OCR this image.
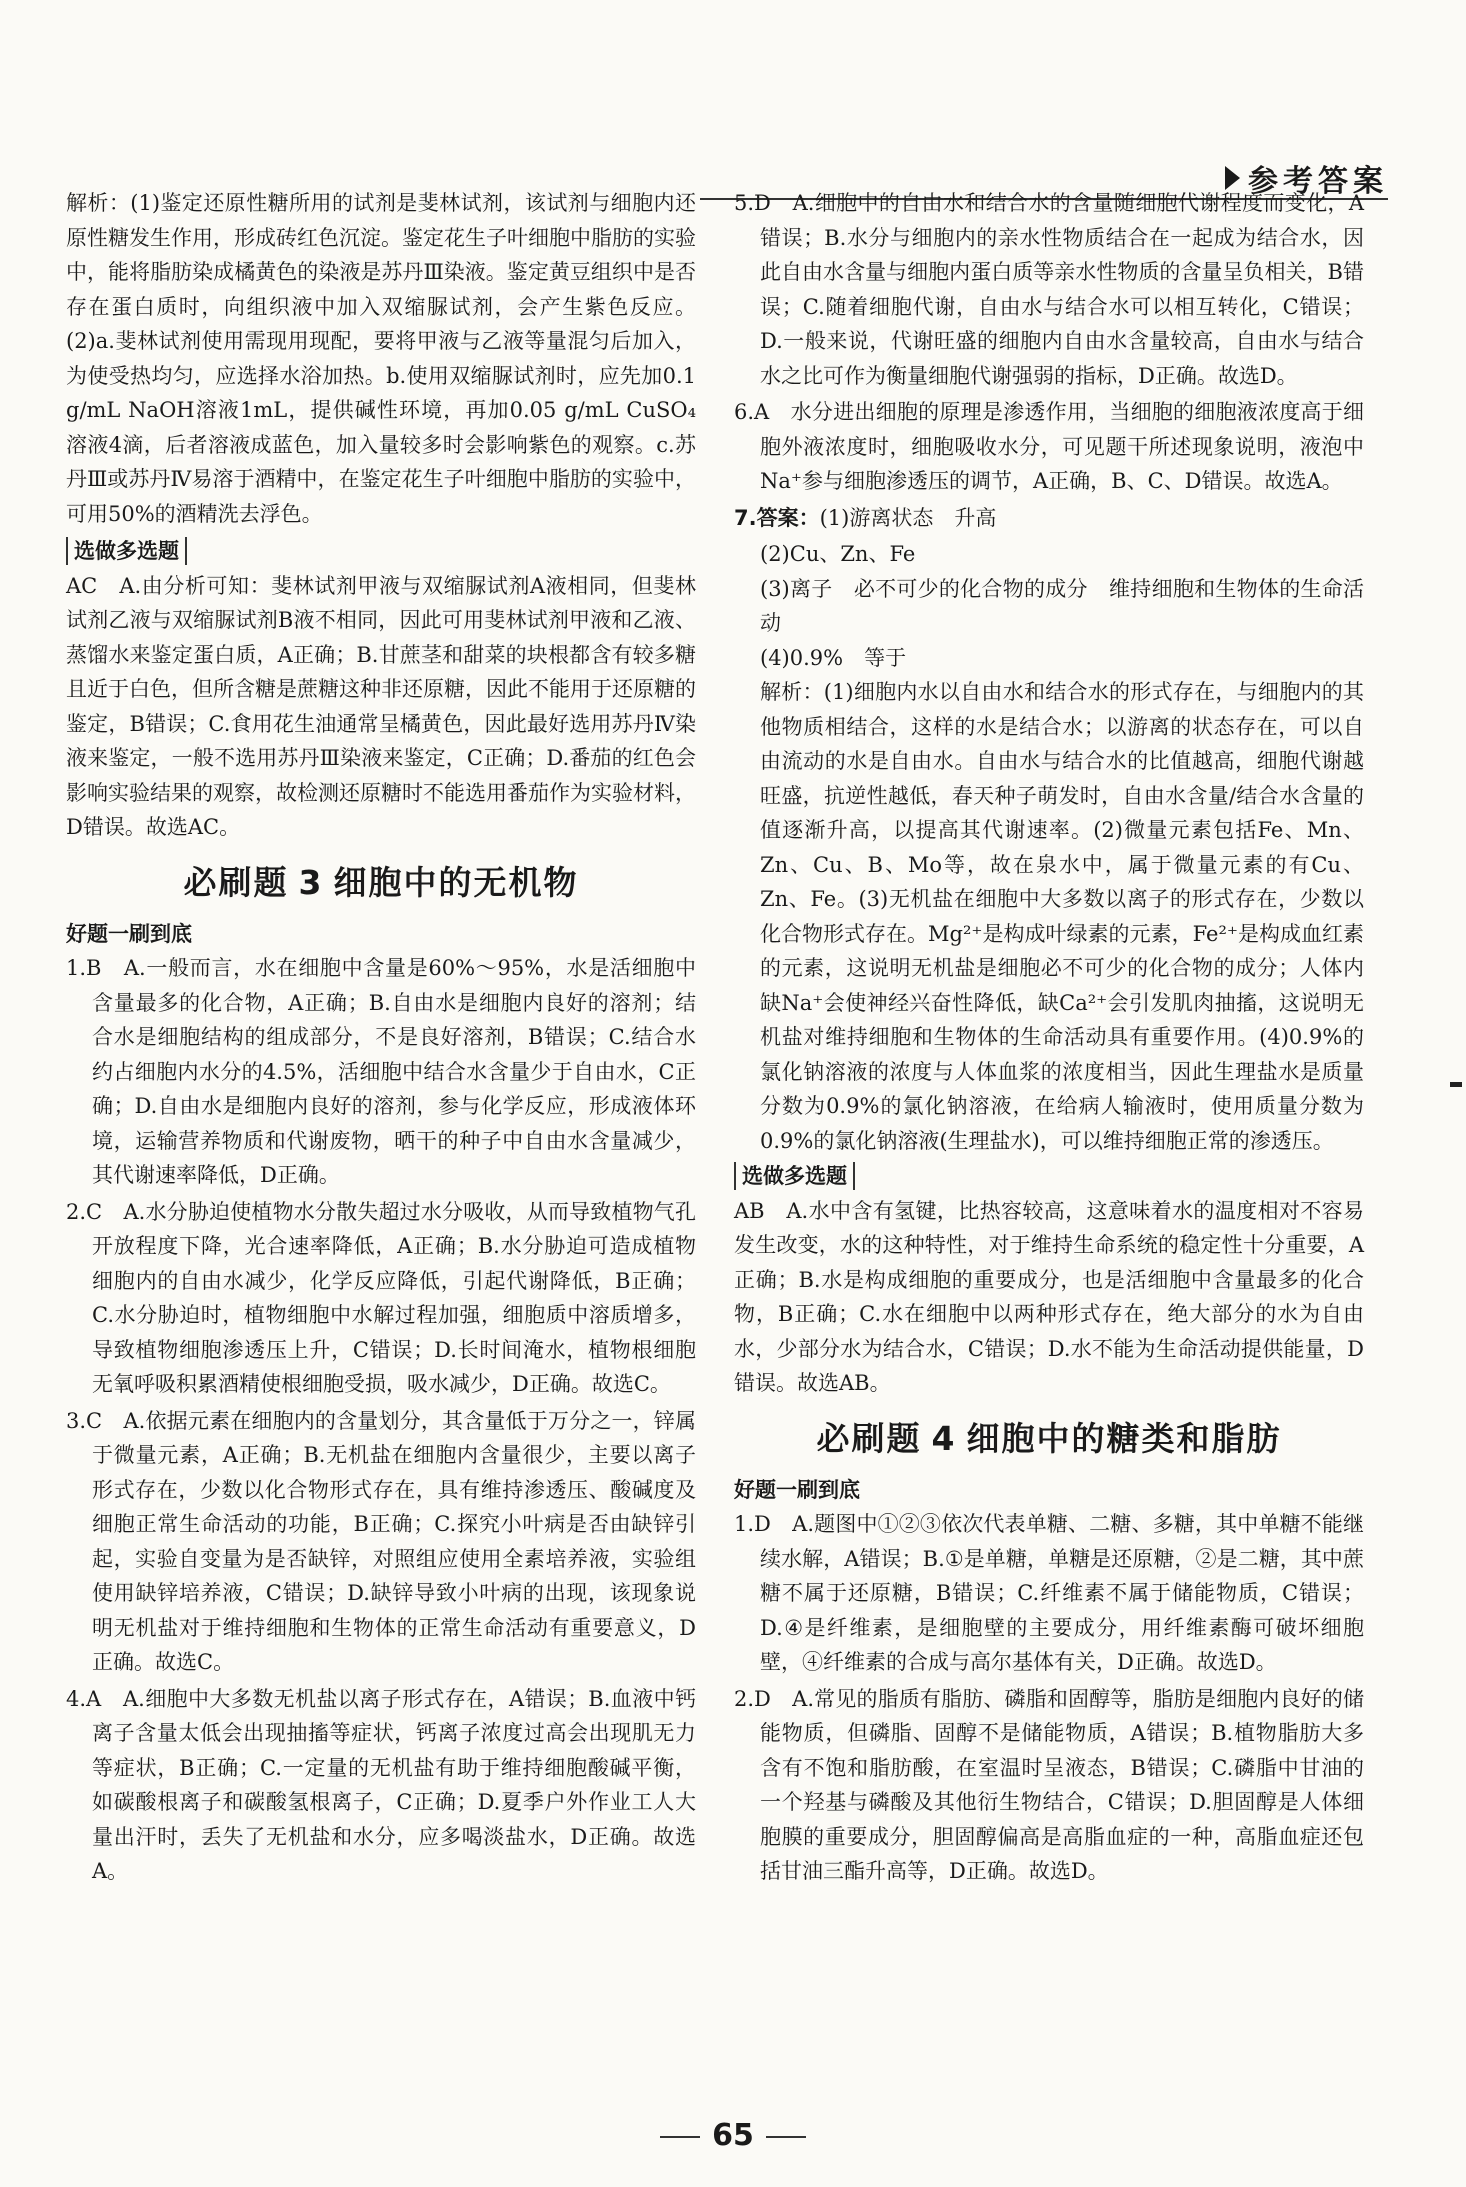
参考答案

解析：(1)鉴定还原性糖所用的试剂是斐林试剂，该试剂与细胞内还原性糖发生作用，形成砖红色沉淀。鉴定花生子叶细胞中脂肪的实验中，能将脂肪染成橘黄色的染液是苏丹Ⅲ染液。鉴定黄豆组织中是否存在蛋白质时，向组织液中加入双缩脲试剂，会产生紫色反应。(2)a.斐林试剂使用需现用现配，要将甲液与乙液等量混匀后加入，为使受热均匀，应选择水浴加热。b.使用双缩脲试剂时，应先加0.1 g/mL NaOH溶液1mL，提供碱性环境，再加0.05 g/mL CuSO₄溶液4滴，后者溶液成蓝色，加入量较多时会影响紫色的观察。c.苏丹Ⅲ或苏丹Ⅳ易溶于酒精中，在鉴定花生子叶细胞中脂肪的实验中，可用50%的酒精洗去浮色。

选做多选题

AC　A.由分析可知：斐林试剂甲液与双缩脲试剂A液相同，但斐林试剂乙液与双缩脲试剂B液不相同，因此可用斐林试剂甲液和乙液、蒸馏水来鉴定蛋白质，A正确；B.甘蔗茎和甜菜的块根都含有较多糖且近于白色，但所含糖是蔗糖这种非还原糖，因此不能用于还原糖的鉴定，B错误；C.食用花生油通常呈橘黄色，因此最好选用苏丹Ⅳ染液来鉴定，一般不选用苏丹Ⅲ染液来鉴定，C正确；D.番茄的红色会影响实验结果的观察，故检测还原糖时不能选用番茄作为实验材料，D错误。故选AC。

必刷题 3 细胞中的无机物

好题一刷到底

1.B　A.一般而言，水在细胞中含量是60%～95%，水是活细胞中含量最多的化合物，A正确；B.自由水是细胞内良好的溶剂；结合水是细胞结构的组成部分，不是良好溶剂，B错误；C.结合水约占细胞内水分的4.5%，活细胞中结合水含量少于自由水，C正确；D.自由水是细胞内良好的溶剂，参与化学反应，形成液体环境，运输营养物质和代谢废物，晒干的种子中自由水含量减少，其代谢速率降低，D正确。

2.C　A.水分胁迫使植物水分散失超过水分吸收，从而导致植物气孔开放程度下降，光合速率降低，A正确；B.水分胁迫可造成植物细胞内的自由水减少，化学反应降低，引起代谢降低，B正确；C.水分胁迫时，植物细胞中水解过程加强，细胞质中溶质增多，导致植物细胞渗透压上升，C错误；D.长时间淹水，植物根细胞无氧呼吸积累酒精使根细胞受损，吸水减少，D正确。故选C。

3.C　A.依据元素在细胞内的含量划分，其含量低于万分之一，锌属于微量元素，A正确；B.无机盐在细胞内含量很少，主要以离子形式存在，少数以化合物形式存在，具有维持渗透压、酸碱度及细胞正常生命活动的功能，B正确；C.探究小叶病是否由缺锌引起，实验自变量为是否缺锌，对照组应使用全素培养液，实验组使用缺锌培养液，C错误；D.缺锌导致小叶病的出现，该现象说明无机盐对于维持细胞和生物体的正常生命活动有重要意义，D正确。故选C。

4.A　A.细胞中大多数无机盐以离子形式存在，A错误；B.血液中钙离子含量太低会出现抽搐等症状，钙离子浓度过高会出现肌无力等症状，B正确；C.一定量的无机盐有助于维持细胞酸碱平衡，如碳酸根离子和碳酸氢根离子，C正确；D.夏季户外作业工人大量出汗时，丢失了无机盐和水分，应多喝淡盐水，D正确。故选A。

5.D　A.细胞中的自由水和结合水的含量随细胞代谢程度而变化，A错误；B.水分与细胞内的亲水性物质结合在一起成为结合水，因此自由水含量与细胞内蛋白质等亲水性物质的含量呈负相关，B错误；C.随着细胞代谢，自由水与结合水可以相互转化，C错误；D.一般来说，代谢旺盛的细胞内自由水含量较高，自由水与结合水之比可作为衡量细胞代谢强弱的指标，D正确。故选D。

6.A　水分进出细胞的原理是渗透作用，当细胞的细胞液浓度高于细胞外液浓度时，细胞吸收水分，可见题干所述现象说明，液泡中Na⁺参与细胞渗透压的调节，A正确，B、C、D错误。故选A。

7.答案：(1)游离状态　升高

(2)Cu、Zn、Fe

(3)离子　必不可少的化合物的成分　维持细胞和生物体的生命活动

(4)0.9%　等于

解析：(1)细胞内水以自由水和结合水的形式存在，与细胞内的其他物质相结合，这样的水是结合水；以游离的状态存在，可以自由流动的水是自由水。自由水与结合水的比值越高，细胞代谢越旺盛，抗逆性越低，春天种子萌发时，自由水含量/结合水含量的值逐渐升高，以提高其代谢速率。(2)微量元素包括Fe、Mn、Zn、Cu、B、Mo等，故在泉水中，属于微量元素的有Cu、Zn、Fe。(3)无机盐在细胞中大多数以离子的形式存在，少数以化合物形式存在。Mg²⁺是构成叶绿素的元素，Fe²⁺是构成血红素的元素，这说明无机盐是细胞必不可少的化合物的成分；人体内缺Na⁺会使神经兴奋性降低，缺Ca²⁺会引发肌肉抽搐，这说明无机盐对维持细胞和生物体的生命活动具有重要作用。(4)0.9%的氯化钠溶液的浓度与人体血浆的浓度相当，因此生理盐水是质量分数为0.9%的氯化钠溶液，在给病人输液时，使用质量分数为0.9%的氯化钠溶液(生理盐水)，可以维持细胞正常的渗透压。

选做多选题

AB　A.水中含有氢键，比热容较高，这意味着水的温度相对不容易发生改变，水的这种特性，对于维持生命系统的稳定性十分重要，A正确；B.水是构成细胞的重要成分，也是活细胞中含量最多的化合物，B正确；C.水在细胞中以两种形式存在，绝大部分的水为自由水，少部分水为结合水，C错误；D.水不能为生命活动提供能量，D错误。故选AB。

必刷题 4 细胞中的糖类和脂肪

好题一刷到底

1.D　A.题图中①②③依次代表单糖、二糖、多糖，其中单糖不能继续水解，A错误；B.①是单糖，单糖是还原糖，②是二糖，其中蔗糖不属于还原糖，B错误；C.纤维素不属于储能物质，C错误；D.④是纤维素，是细胞壁的主要成分，用纤维素酶可破坏细胞壁，④纤维素的合成与高尔基体有关，D正确。故选D。

2.D　A.常见的脂质有脂肪、磷脂和固醇等，脂肪是细胞内良好的储能物质，但磷脂、固醇不是储能物质，A错误；B.植物脂肪大多含有不饱和脂肪酸，在室温时呈液态，B错误；C.磷脂中甘油的一个羟基与磷酸及其他衍生物结合，C错误；D.胆固醇是人体细胞膜的重要成分，胆固醇偏高是高脂血症的一种，高脂血症还包括甘油三酯升高等，D正确。故选D。

65
